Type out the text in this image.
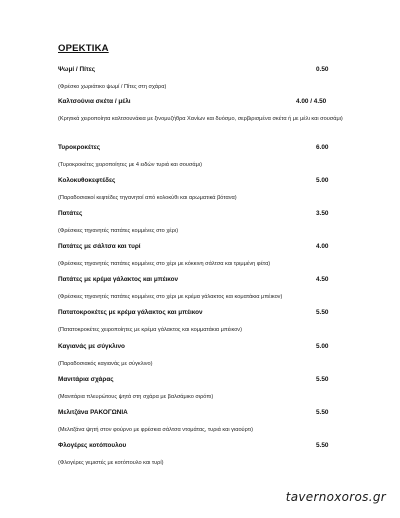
ΟΡΕΚΤΙΚΑ
Ψωμί / Πίτες	0.50
(Φρέσκο χωριάτικο ψωμί / Πίτες στη σχάρα)
Καλτσούνια σκέτα / μέλι	4.00 / 4.50
(Κρητικά χειροποίητα καλτσουνάκια με ξινομυζήθρα Χανίων και δυόσμο, σερβιρισμένα σκέτα ή με μέλι και σουσάμι)
Τυροκροκέτες	6.00
(Τυροκροκέτες χειροποίητες με 4 ειδών τυριά και σουσάμι)
Κολοκυθοκεφτέδες	5.00
(Παραδοσιακοί κεφτέδες τηγανητοί από κολοκύθι και αρωματικά βότανα)
Πατάτες	3.50
(Φρέσκιες τηγανητές πατάτες κομμένες στο χέρι)
Πατάτες με σάλτσα και τυρί	4.00
(Φρέσκιες τηγανητές πατάτες κομμένες στο χέρι με κόκκινη σάλτσα και τριμμένη φέτα)
Πατάτες με κρέμα γάλακτος και μπέικον	4.50
(Φρέσκιες τηγανητές πατάτες κομμένες στο χέρι με κρέμα γάλακτος και κοματάκια μπέικον)
Πατατοκροκέτες με κρέμα γάλακτος και μπέικον	5.50
(Πατατοκροκέτες χειροποίητες με κρέμα γάλακτος και κομματάκια μπέικον)
Καγιανάς με σύγκλινο	5.00
(Παραδοσιακός καγιανάς με σύγκλινο)
Μανιτάρια σχάρας	5.50
(Μανιτάρια πλευρώτους ψητά στη σχάρα με βαλσάμικο σιρόπι)
Μελιτζάνα ΡΑΚΟΓΩΝΙΑ	5.50
(Μελιτζάνα ψητή στον φούρνο με φρέσκια σάλτσα ντομάτας, τυριά και γιαούρτι)
Φλογέρες κοτόπουλου	5.50
(Φλογέρες γεμιστές με κοτόπουλο και τυρί)
tavernoxoros.gr
